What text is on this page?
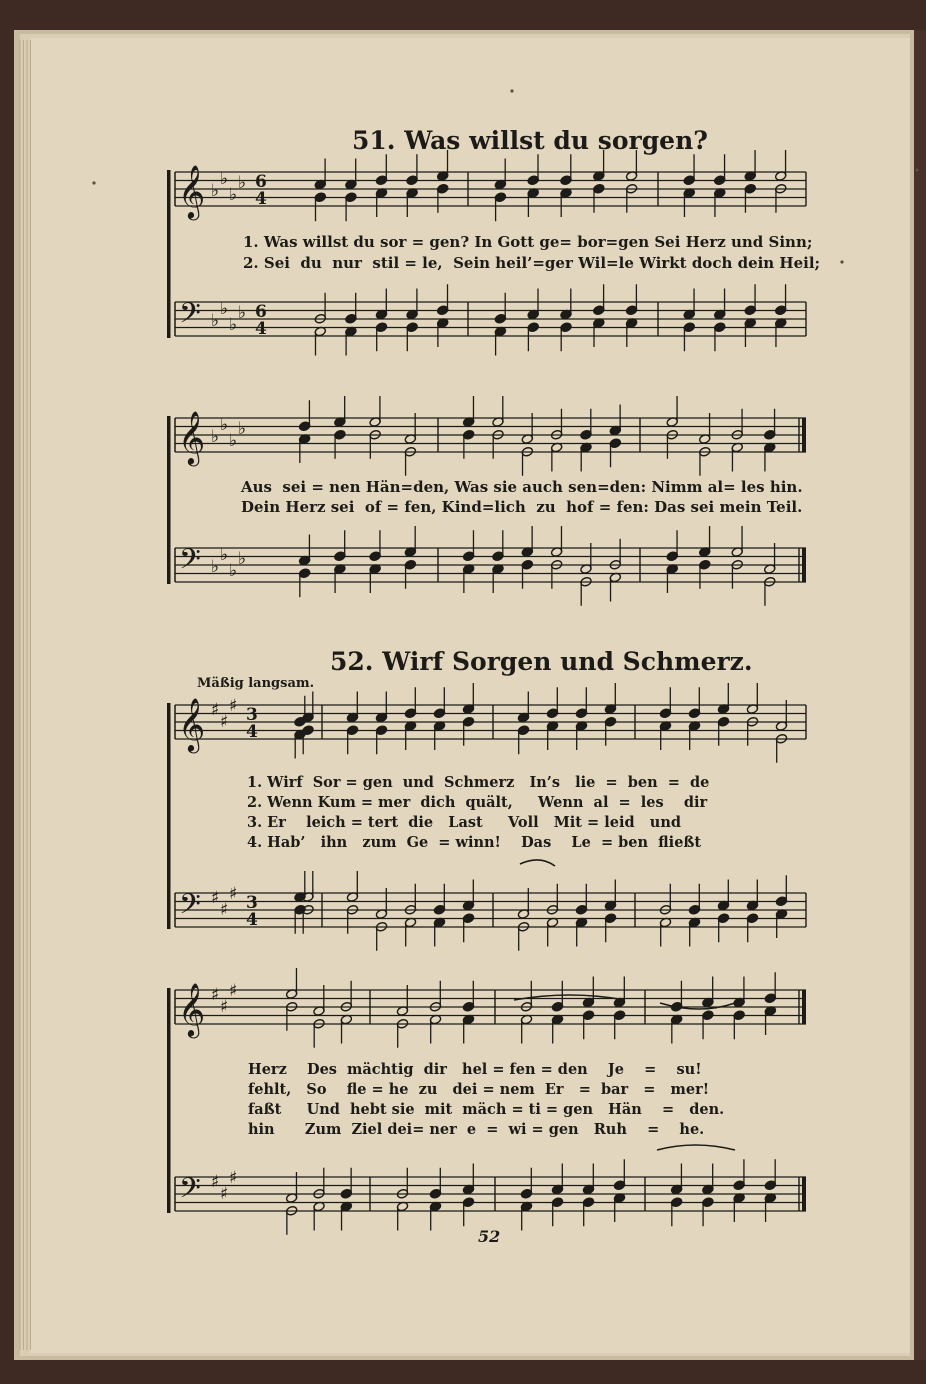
𝄞 ♭
♭
♭
♭ 6
4
𝄢 ♭
♭
♭
♭ 6
4
𝄞 ♭
♭
♭
♭
𝄢 ♭
♭
♭
♭
𝄞 ♯
♯
♯ 3
4
𝄢 ♯
♯
♯ 3
4
𝄞 ♯
♯
♯
𝄢 ♯
♯
♯
51. Was willst du sorgen?
1. Was willst du sor = gen? In Gott ge= bor=gen Sei Herz und Sinn;
2. Sei  du  nur  stil = le,  Sein heil’=ger Wil=le Wirkt doch dein Heil;
Aus  sei = nen Hän=den, Was sie auch sen=den: Nimm al= les hin.
Dein Herz sei  of = fen, Kind=lich  zu  hof = fen: Das sei mein Teil.
52. Wirf Sorgen und Schmerz.
Mäßig langsam.
1. Wirf  Sor = gen  und  Schmerz   In’s   lie  =  ben  =  de
2. Wenn Kum = mer  dich  quält,     Wenn  al  =  les    dir
3. Er    leich = tert  die   Last     Voll   Mit = leid   und
4. Hab’   ihn   zum  Ge  = winn!    Das    Le  = ben  fließt
Herz    Des  mächtig  dir   hel = fen = den    Je    =    su!
fehlt,   So    fle = he  zu   dei = nem  Er   =  bar   =   mer!
faßt     Und  hebt sie  mit  mäch = ti = gen   Hän    =   den.
hin      Zum  Ziel dei= ner  e  =  wi = gen   Ruh    =    he.
52
